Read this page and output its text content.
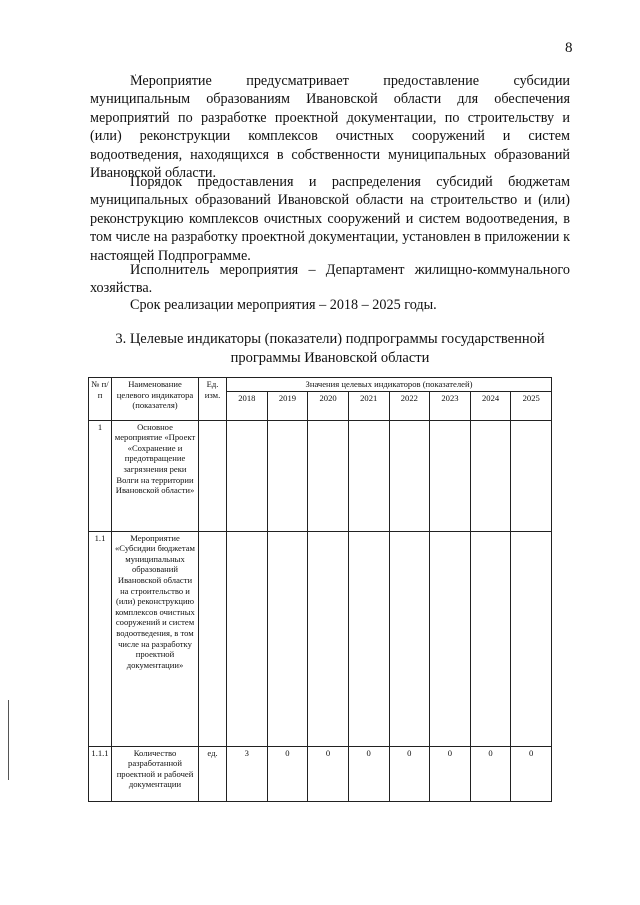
8

Мероприятие предусматривает предоставление субсидии муниципальным образованиям Ивановской области для обеспечения мероприятий по разработке проектной документации, по строительству и (или) реконструкции комплексов очистных сооружений и систем водоотведения, находящихся в собственности муниципальных образований Ивановской области.

Порядок предоставления и распределения субсидий бюджетам муниципальных образований Ивановской области на строительство и (или) реконструкцию комплексов очистных сооружений и систем водоотведения, в том числе на разработку проектной документации, установлен в приложении к настоящей Подпрограмме.

Исполнитель мероприятия – Департамент жилищно-коммунального хозяйства.

Срок реализации мероприятия – 2018 – 2025 годы.

3. Целевые индикаторы (показатели) подпрограммы государственной
программы Ивановской области
№ п/п	Наименование целевого индикатора (показателя)	Ед. изм.	Значения целевых индикаторов (показателей)							
			2018	2019	2020	2021	2022	2023	2024	2025
1	Основное мероприятие «Проект «Сохранение и предотвращение загрязнения реки Волги на территории Ивановской области»									
1.1	Мероприятие «Субсидии бюджетам муниципальных образований Ивановской области на строительство и (или) реконструкцию комплексов очистных сооружений и систем водоотведения, в том числе на разработку проектной документации»									
1.1.1	Количество разработанной проектной и рабочей документации	ед.	3	0	0	0	0	0	0	0
